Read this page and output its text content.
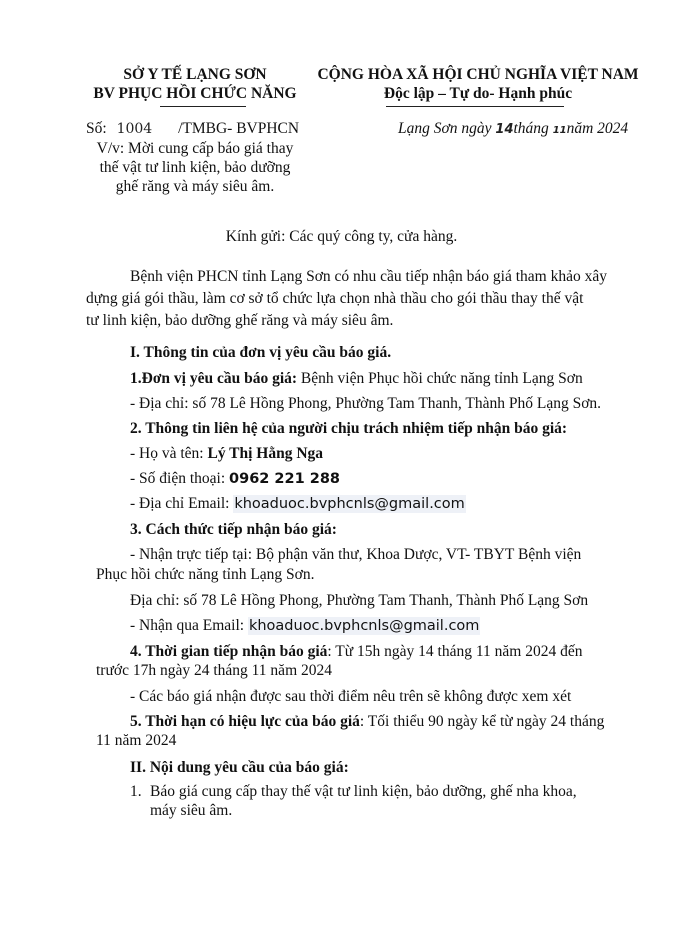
SỞ Y TẾ LẠNG SƠN
BV PHỤC HỒI CHỨC NĂNG
CỘNG HÒA XÃ HỘI CHỦ NGHĨA VIỆT NAM
Độc lập – Tự do- Hạnh phúc
Số: 1004 /TMBG- BVPHCN	Lạng Sơn ngày 14tháng 11năm 2024
V/v: Mời cung cấp báo giá thay
thế vật tư linh kiện, bảo dưỡng
ghế răng và máy siêu âm.
Kính gửi: Các quý công ty, cửa hàng.
Bệnh viện PHCN tỉnh Lạng Sơn có nhu cầu tiếp nhận báo giá tham khảo xây
dựng giá gói thầu, làm cơ sở tổ chức lựa chọn nhà thầu cho gói thầu thay thế vật
tư linh kiện, bảo dưỡng ghế răng và máy siêu âm.
I. Thông tin của đơn vị yêu cầu báo giá.
1.Đơn vị yêu cầu báo giá: Bệnh viện Phục hồi chức năng tỉnh Lạng Sơn
- Địa chỉ: số 78 Lê Hồng Phong, Phường Tam Thanh, Thành Phố Lạng Sơn.
2. Thông tin liên hệ của người chịu trách nhiệm tiếp nhận báo giá:
- Họ và tên: Lý Thị Hằng Nga
- Số điện thoại: 0962 221 288
- Địa chỉ Email: khoaduoc.bvphcnls@gmail.com
3. Cách thức tiếp nhận báo giá:
- Nhận trực tiếp tại: Bộ phận văn thư, Khoa Dược, VT- TBYT Bệnh viện
Phục hồi chức năng tỉnh Lạng Sơn.
Địa chỉ: số 78 Lê Hồng Phong, Phường Tam Thanh, Thành Phố Lạng Sơn
- Nhận qua Email: khoaduoc.bvphcnls@gmail.com
4. Thời gian tiếp nhận báo giá: Từ 15h ngày 14 tháng 11 năm 2024 đến
trước 17h ngày 24 tháng 11 năm 2024
- Các báo giá nhận được sau thời điểm nêu trên sẽ không được xem xét
5. Thời hạn có hiệu lực của báo giá: Tối thiểu 90 ngày kể từ ngày 24 tháng
11 năm 2024
II. Nội dung yêu cầu của báo giá:
1. Báo giá cung cấp thay thế vật tư linh kiện, bảo dưỡng, ghế nha khoa,
máy siêu âm.
